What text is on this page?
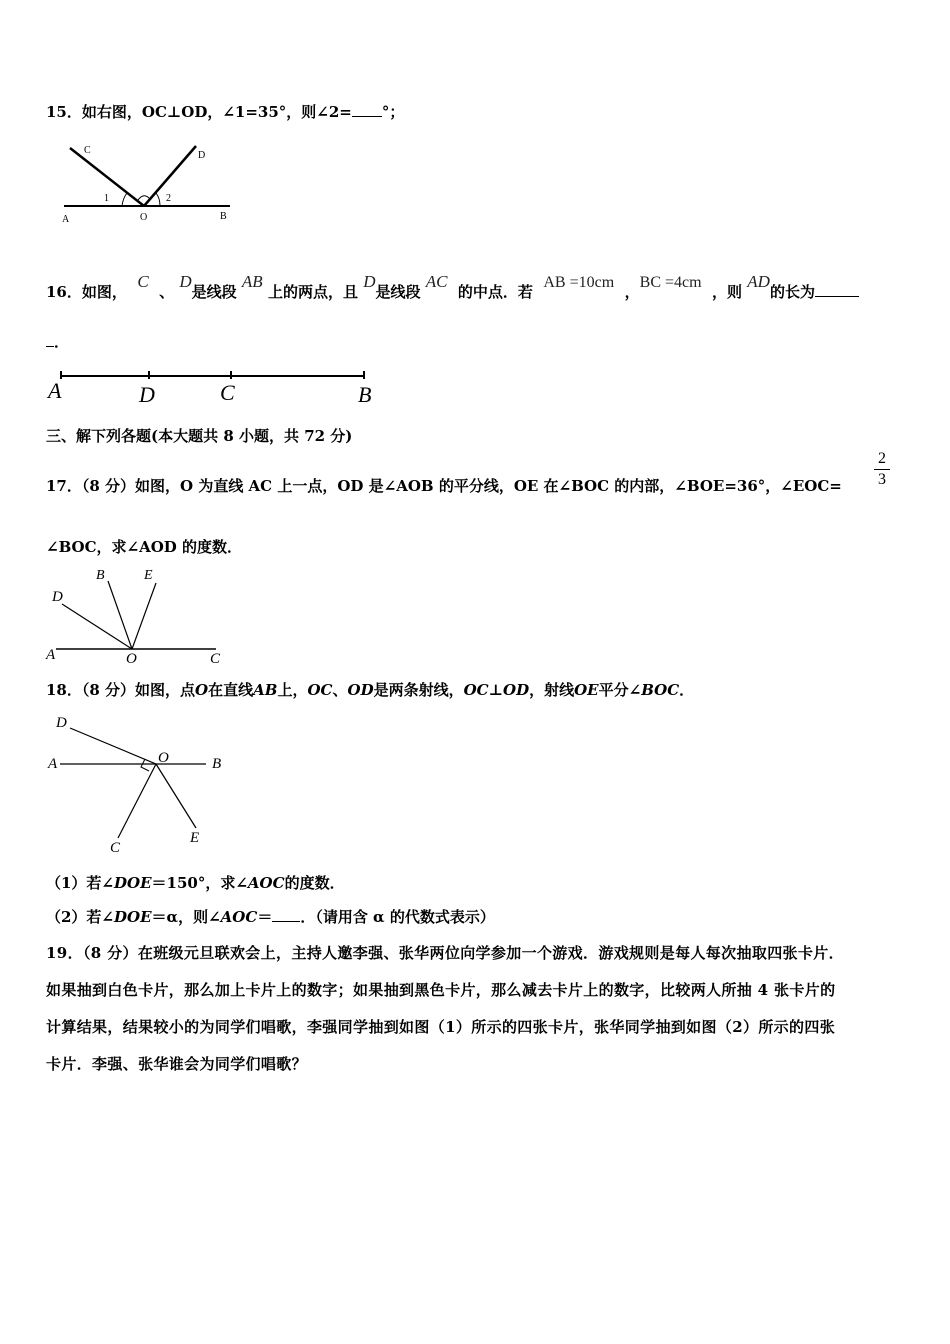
15．如右图，OC⊥OD，∠1=35°，则∠2= °；
C	D
1	2
A	O	B
16．如图，  C  、 D是线段 AB 上的两点，且 D是线段 AC  的中点．若  AB =10cm  ，BC =4cm  ，则 AD的长为
．
A	D	C	B
三、解下列各题(本大题共 8 小题，共 72 分)
17．（8 分）如图，O 为直线 AC 上一点，OD 是∠AOB 的平分线，OE 在∠BOC 的内部，∠BOE=36°，∠EOC=
2
3
∠BOC，求∠AOD 的度数．
D
B	E
A	O	C
18．（8 分）如图，点O在直线AB上，OC、OD是两条射线，OC⊥OD，射线OE平分∠BOC．
D
A	O	B
C
E
（1）若∠DOE＝150°，求∠AOC的度数．
（2）若∠DOE＝α，则∠AOC＝ ．（请用含 α 的代数式表示）
19．（8 分）在班级元旦联欢会上，主持人邀李强、张华两位向学参加一个游戏．游戏规则是每人每次抽取四张卡片．
如果抽到白色卡片，那么加上卡片上的数字；如果抽到黑色卡片，那么减去卡片上的数字，比较两人所抽 4 张卡片的
计算结果，结果较小的为同学们唱歌，李强同学抽到如图（1）所示的四张卡片，张华同学抽到如图（2）所示的四张
卡片．李强、张华谁会为同学们唱歌？
